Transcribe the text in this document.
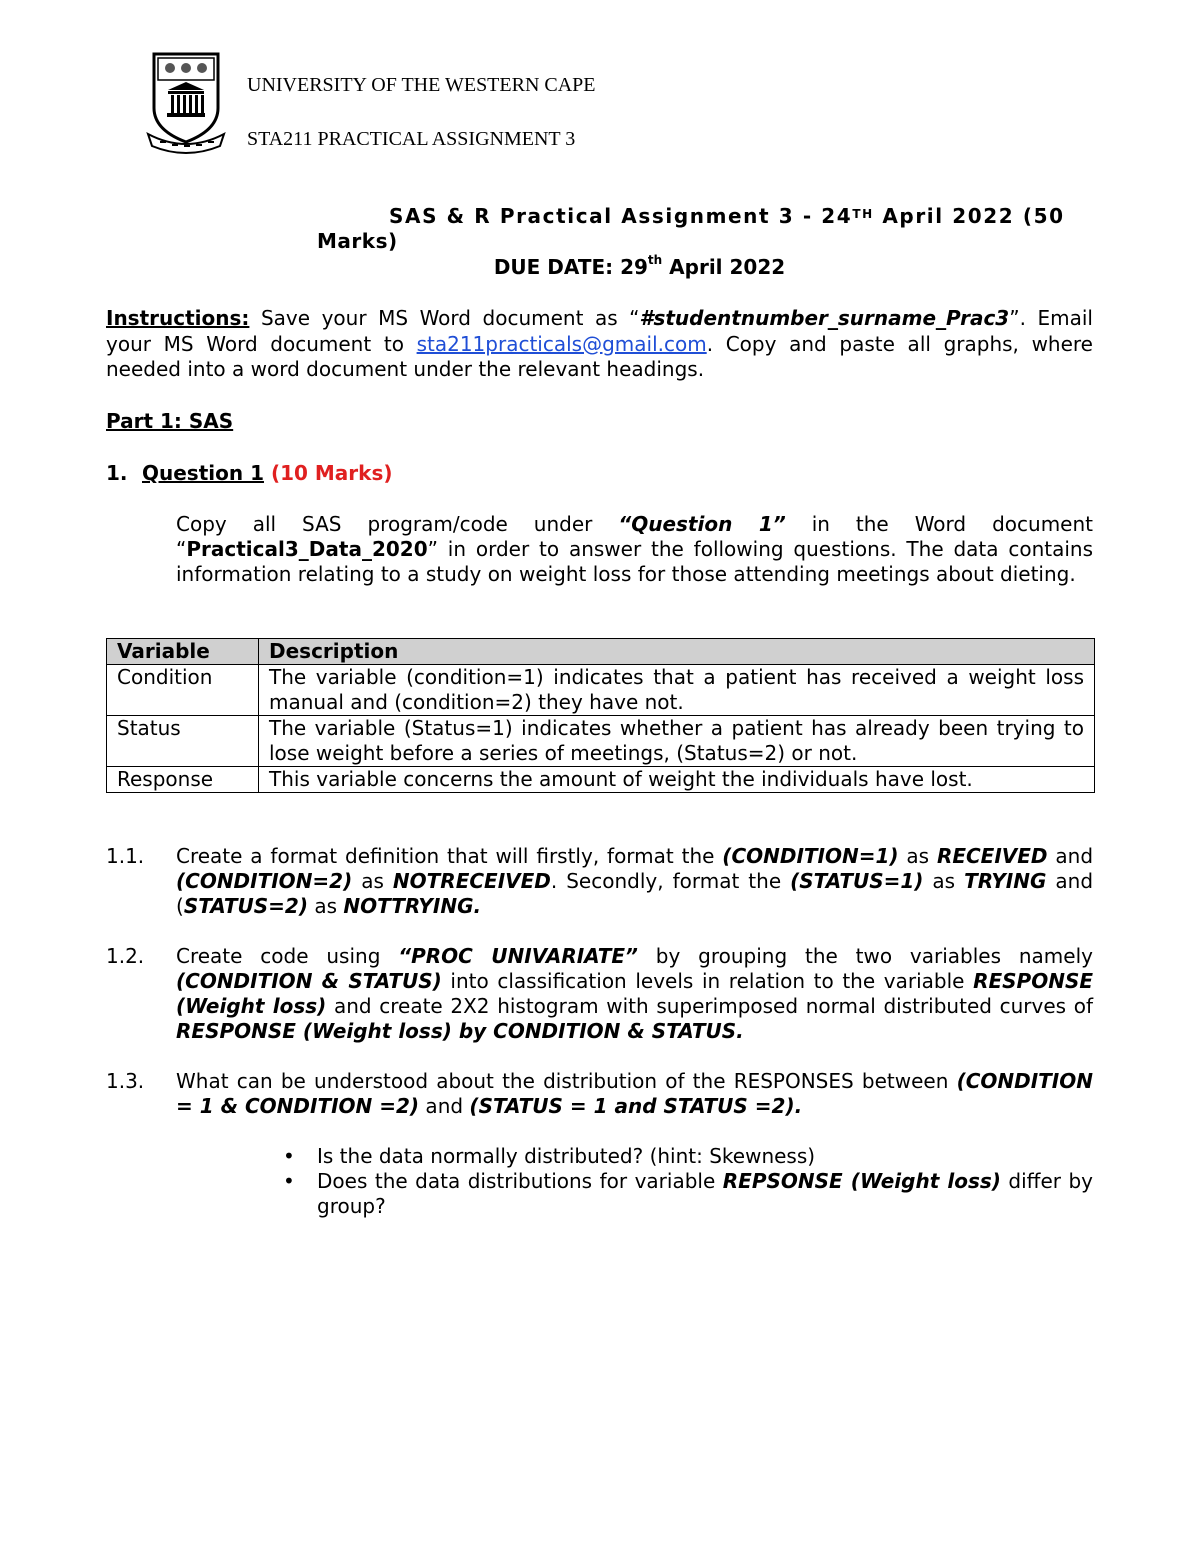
UNIVERSITY OF THE WESTERN CAPE
STA211 PRACTICAL ASSIGNMENT 3
SAS & R Practical Assignment 3 - 24TH April 2022 (50
Marks)
DUE DATE: 29th April 2022
Instructions: Save your MS Word document as “#studentnumber_surname_Prac3”. Email your MS Word document to sta211practicals@gmail.com. Copy and paste all graphs, where needed into a word document under the relevant headings.
Part 1: SAS
1. Question 1 (10 Marks)
Copy all SAS program/code under “Question 1” in the Word document “Practical3_Data_2020” in order to answer the following questions. The data contains information relating to a study on weight loss for those attending meetings about dieting.
Variable	Description
Condition	The variable (condition=1) indicates that a patient has received a weight loss manual and (condition=2) they have not.
Status	The variable (Status=1) indicates whether a patient has already been trying to lose weight before a series of meetings, (Status=2) or not.
Response	This variable concerns the amount of weight the individuals have lost.
1.1. Create a format definition that will firstly, format the (CONDITION=1) as RECEIVED and (CONDITION=2) as NOTRECEIVED. Secondly, format the (STATUS=1) as TRYING and (STATUS=2) as NOTTRYING.
1.2. Create code using “PROC UNIVARIATE” by grouping the two variables namely (CONDITION & STATUS) into classification levels in relation to the variable RESPONSE (Weight loss) and create 2X2 histogram with superimposed normal distributed curves of RESPONSE (Weight loss) by CONDITION & STATUS.
1.3. What can be understood about the distribution of the RESPONSES between (CONDITION = 1 & CONDITION =2) and (STATUS = 1 and STATUS =2).
• Is the data normally distributed? (hint: Skewness)
• Does the data distributions for variable REPSONSE (Weight loss) differ by group?
